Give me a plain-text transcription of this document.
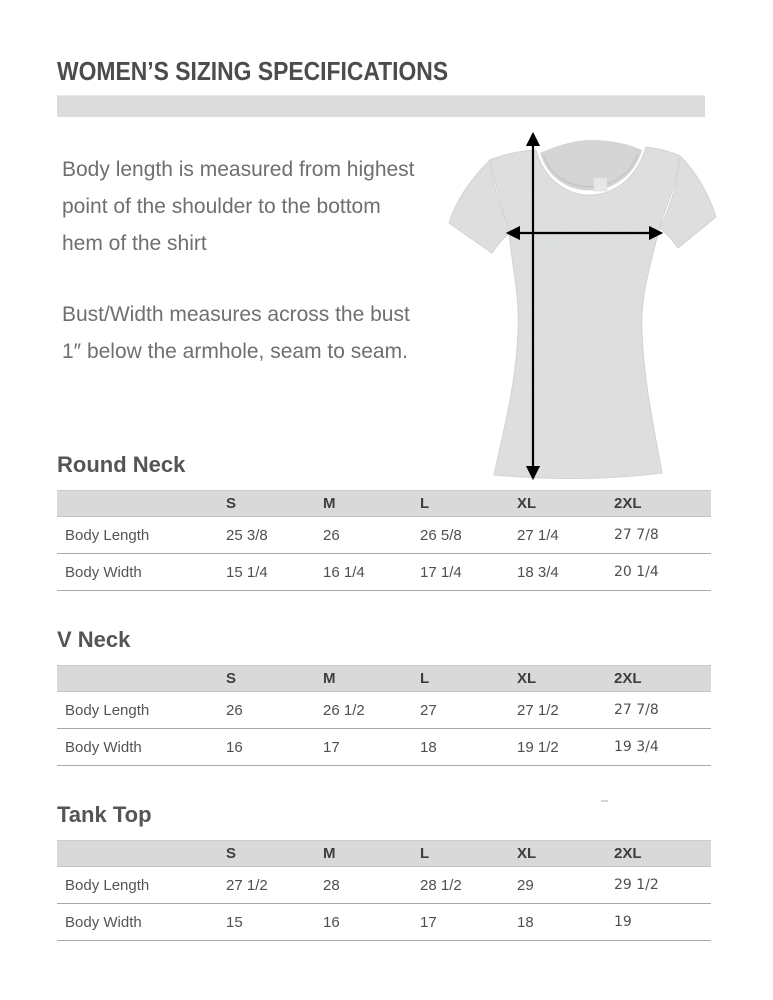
WOMEN’S SIZING SPECIFICATIONS
Body length is measured from highest
point of the shoulder to the bottom
hem of the shirt
Bust/Width measures across the bust
1″ below the armhole, seam to seam.
Round Neck
	S	M	L	XL	2XL
Body Length	25 3/8	26	26 5/8	27 1/4	27 7/8
Body Width	15 1/4	16 1/4	17 1/4	18 3/4	20 1/4
V Neck
	S	M	L	XL	2XL
Body Length	26	26 1/2	27	27 1/2	27 7/8
Body Width	16	17	18	19 1/2	19 3/4
Tank Top
	S	M	L	XL	2XL
Body Length	27 1/2	28	28 1/2	29	29 1/2
Body Width	15	16	17	18	19
